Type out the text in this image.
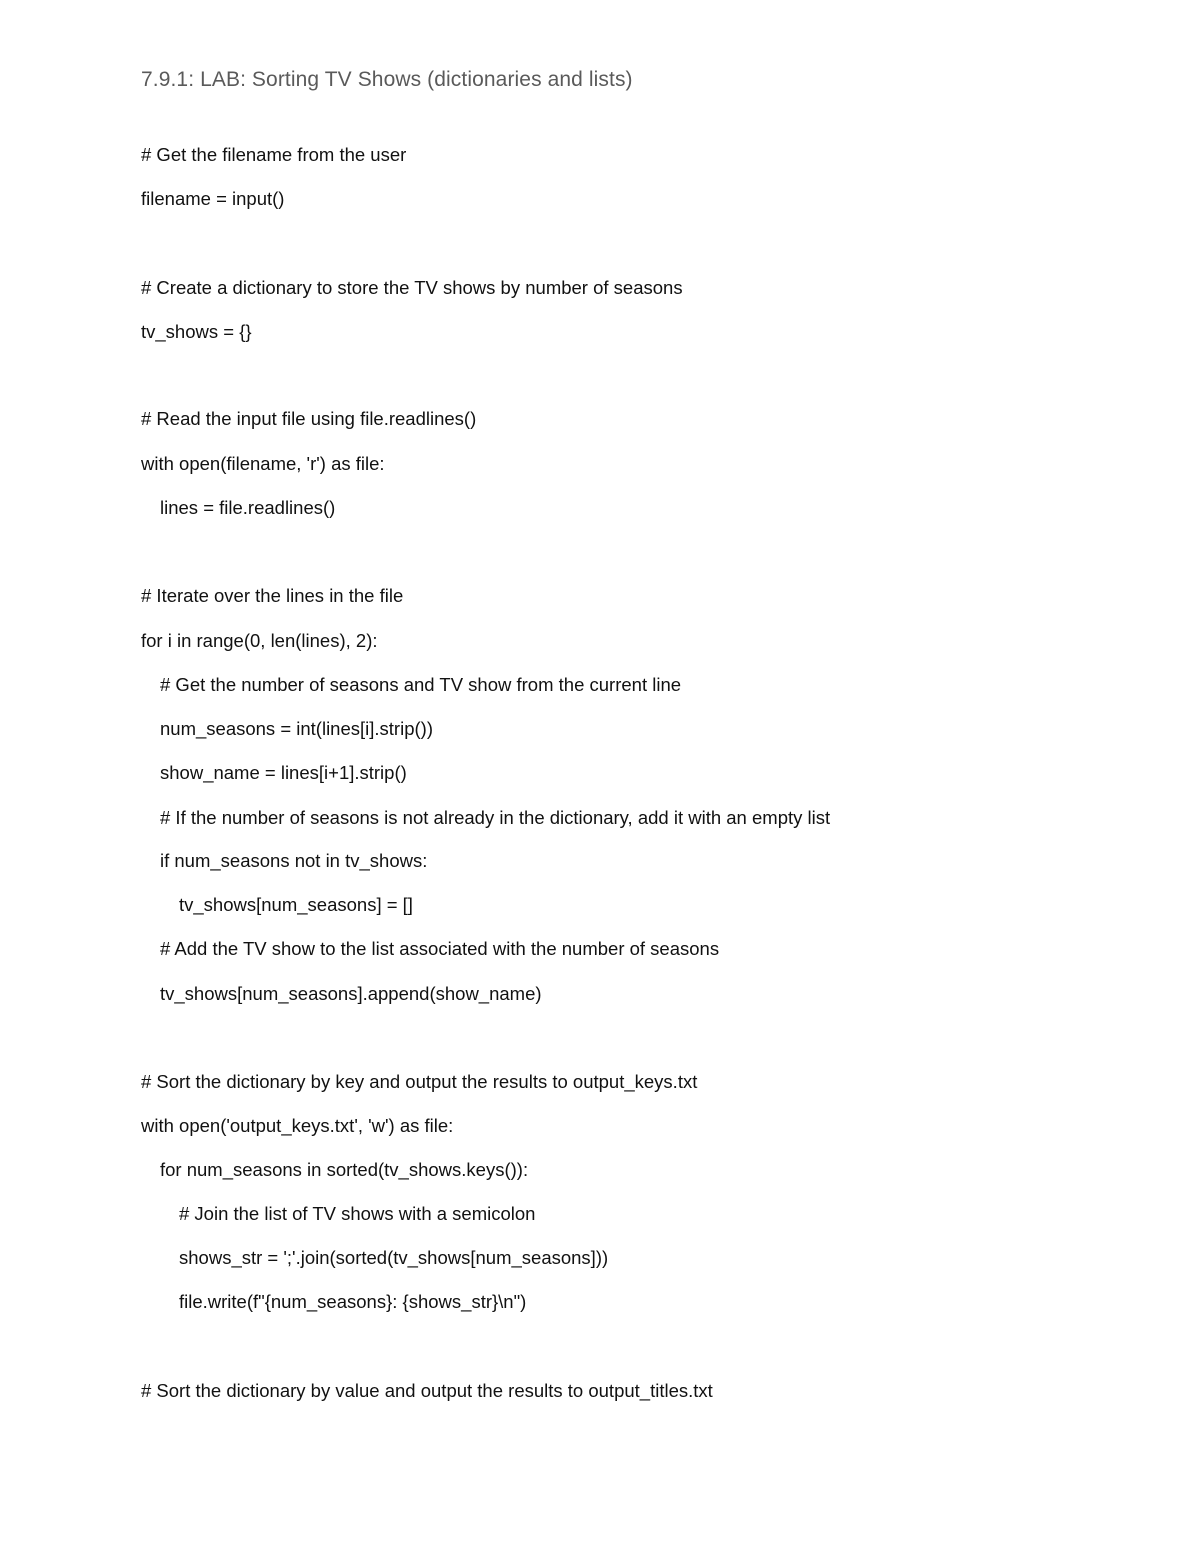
7.9.1: LAB: Sorting TV Shows (dictionaries and lists)
# Get the filename from the user
filename = input()
# Create a dictionary to store the TV shows by number of seasons
tv_shows = {}
# Read the input file using file.readlines()
with open(filename, 'r') as file:
lines = file.readlines()
# Iterate over the lines in the file
for i in range(0, len(lines), 2):
# Get the number of seasons and TV show from the current line
num_seasons = int(lines[i].strip())
show_name = lines[i+1].strip()
# If the number of seasons is not already in the dictionary, add it with an empty list
if num_seasons not in tv_shows:
tv_shows[num_seasons] = []
# Add the TV show to the list associated with the number of seasons
tv_shows[num_seasons].append(show_name)
# Sort the dictionary by key and output the results to output_keys.txt
with open('output_keys.txt', 'w') as file:
for num_seasons in sorted(tv_shows.keys()):
# Join the list of TV shows with a semicolon
shows_str = ';'.join(sorted(tv_shows[num_seasons]))
file.write(f"{num_seasons}: {shows_str}\n")
# Sort the dictionary by value and output the results to output_titles.txt
